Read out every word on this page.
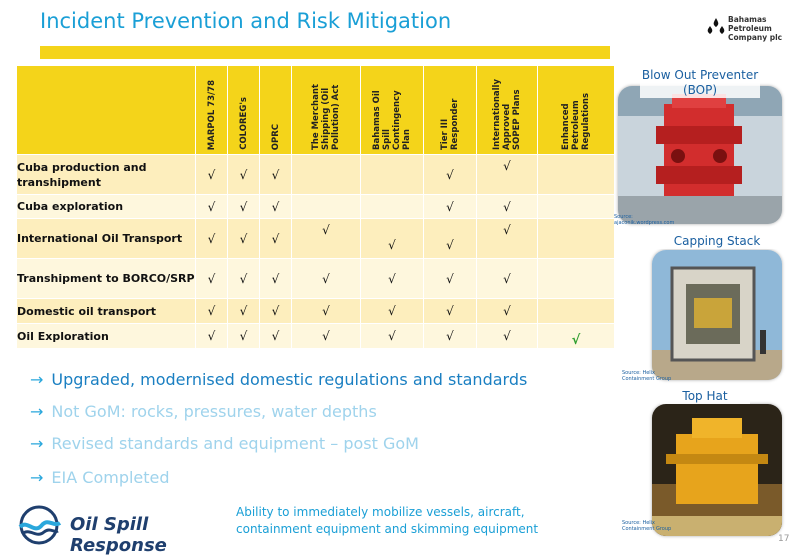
Incident Prevention and Risk Mitigation	Bahamas
Petroleum
Company plc

	MARPOL 73/78	COLOREG's	OPRC	The Merchant Shipping (Oil Pollution) Act	Bahamas Oil Spill Contingency Plan	Tier III Responder	Internationally Approved SOPEP Plans	Enhanced Petroleum Regulations

Cuba production and transhipment	√	√	√			√	√	
Cuba exploration	√	√	√			√	√	
International Oil Transport	√	√	√	√	√	√	√	
Transhipment to BORCO/SRP	√	√	√	√	√	√	√	
Domestic oil transport	√	√	√	√	√	√	√	
Oil Exploration	√	√	√	√	√	√	√	√
→ Upgraded, modernised domestic regulations and standards
→ Not GoM: rocks, pressures, water depths
→ Revised standards and equipment – post GoM
→ EIA Completed
Oil Spill Response
Ability to immediately mobilize vessels, aircraft,
containment equipment and skimming equipment
17
Blow Out Preventer (BOP)
Source:
ajaconik.wordpress.com
Capping Stack
Source: Helix
Containment Group
Top Hat
Source: Helix
Containment Group
